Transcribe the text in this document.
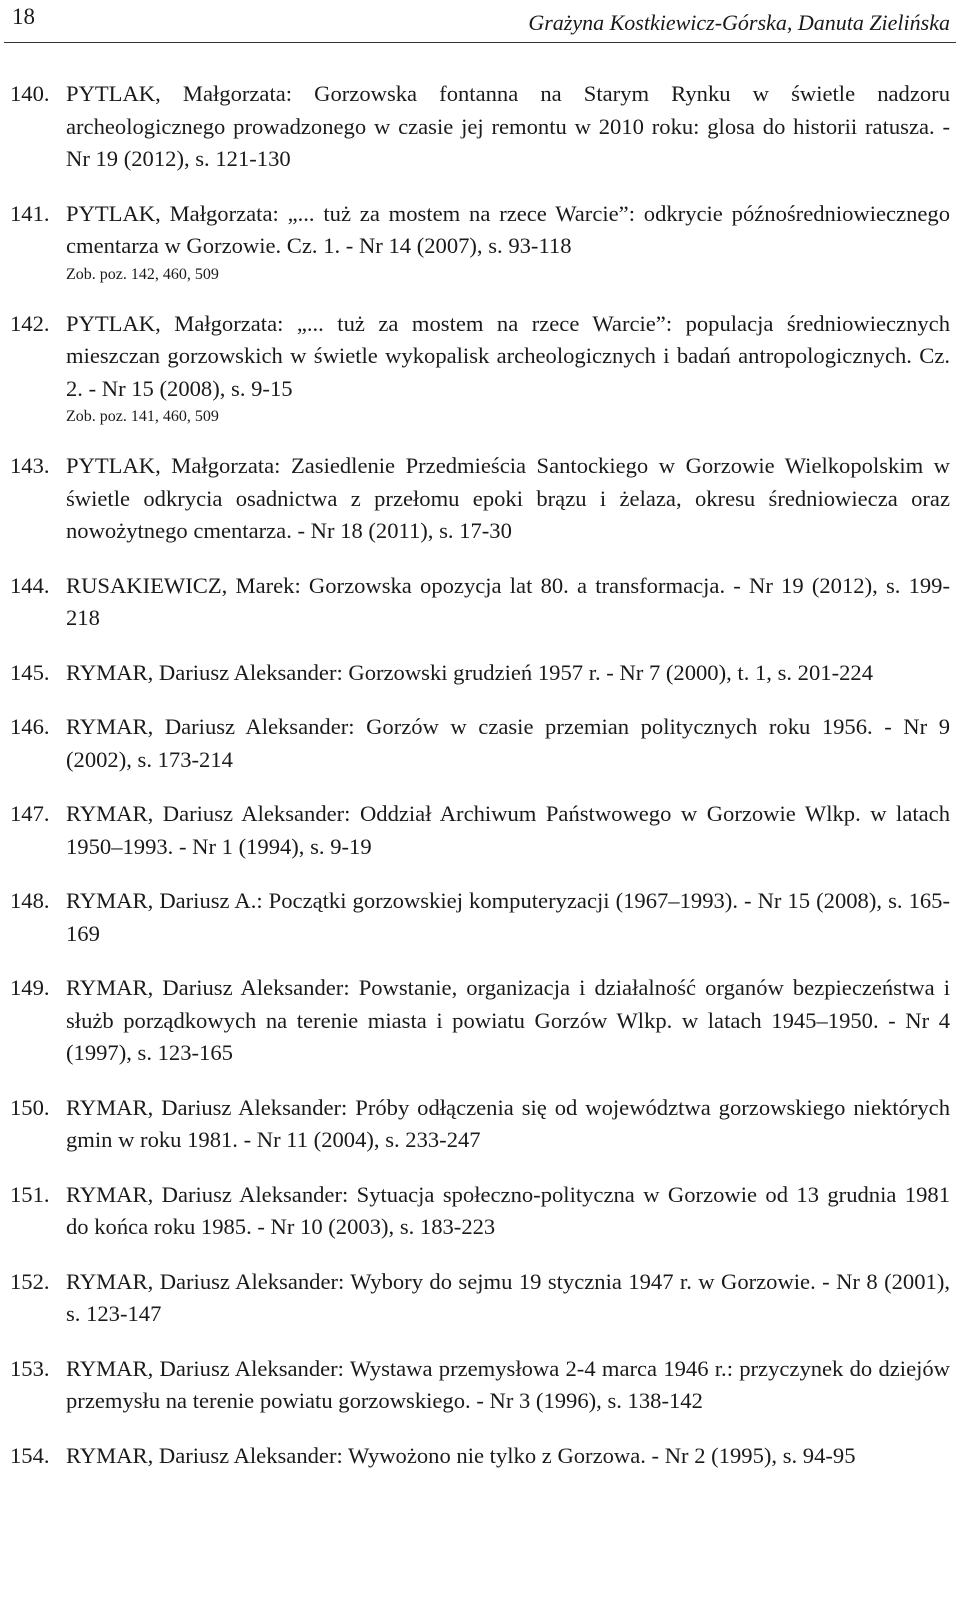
18	Grażyna Kostkiewicz-Górska, Danuta Zielińska
140. PYTLAK, Małgorzata: Gorzowska fontanna na Starym Rynku w świetle nadzoru archeologicznego prowadzonego w czasie jej remontu w 2010 roku: glosa do historii ratusza. - Nr 19 (2012), s. 121-130
141. PYTLAK, Małgorzata: „... tuż za mostem na rzece Warcie”: odkrycie późnośredniowiecznego cmentarza w Gorzowie. Cz. 1. - Nr 14 (2007), s. 93-118
Zob. poz. 142, 460, 509
142. PYTLAK, Małgorzata: „... tuż za mostem na rzece Warcie”: populacja średniowiecznych mieszczan gorzowskich w świetle wykopalisk archeologicznych i badań antropologicznych. Cz. 2. - Nr 15 (2008), s. 9-15
Zob. poz. 141, 460, 509
143. PYTLAK, Małgorzata: Zasiedlenie Przedmieścia Santockiego w Gorzowie Wielkopolskim w świetle odkrycia osadnictwa z przełomu epoki brązu i żelaza, okresu średniowiecza oraz nowożytnego cmentarza. - Nr 18 (2011), s. 17-30
144. RUSAKIEWICZ, Marek: Gorzowska opozycja lat 80. a transformacja. - Nr 19 (2012), s. 199-218
145. RYMAR, Dariusz Aleksander: Gorzowski grudzień 1957 r. - Nr 7 (2000), t. 1, s. 201-224
146. RYMAR, Dariusz Aleksander: Gorzów w czasie przemian politycznych roku 1956. - Nr 9 (2002), s. 173-214
147. RYMAR, Dariusz Aleksander: Oddział Archiwum Państwowego w Gorzowie Wlkp. w latach 1950–1993. - Nr 1 (1994), s. 9-19
148. RYMAR, Dariusz A.: Początki gorzowskiej komputeryzacji (1967–1993). - Nr 15 (2008), s. 165-169
149. RYMAR, Dariusz Aleksander: Powstanie, organizacja i działalność organów bezpieczeństwa i służb porządkowych na terenie miasta i powiatu Gorzów Wlkp. w latach 1945–1950. - Nr 4 (1997), s. 123-165
150. RYMAR, Dariusz Aleksander: Próby odłączenia się od województwa gorzowskiego niektórych gmin w roku 1981. - Nr 11 (2004), s. 233-247
151. RYMAR, Dariusz Aleksander: Sytuacja społeczno-polityczna w Gorzowie od 13 grudnia 1981 do końca roku 1985. - Nr 10 (2003), s. 183-223
152. RYMAR, Dariusz Aleksander: Wybory do sejmu 19 stycznia 1947 r. w Gorzowie. - Nr 8 (2001), s. 123-147
153. RYMAR, Dariusz Aleksander: Wystawa przemysłowa 2-4 marca 1946 r.: przyczynek do dziejów przemysłu na terenie powiatu gorzowskiego. - Nr 3 (1996), s. 138-142
154. RYMAR, Dariusz Aleksander: Wywożono nie tylko z Gorzowa. - Nr 2 (1995), s. 94-95
